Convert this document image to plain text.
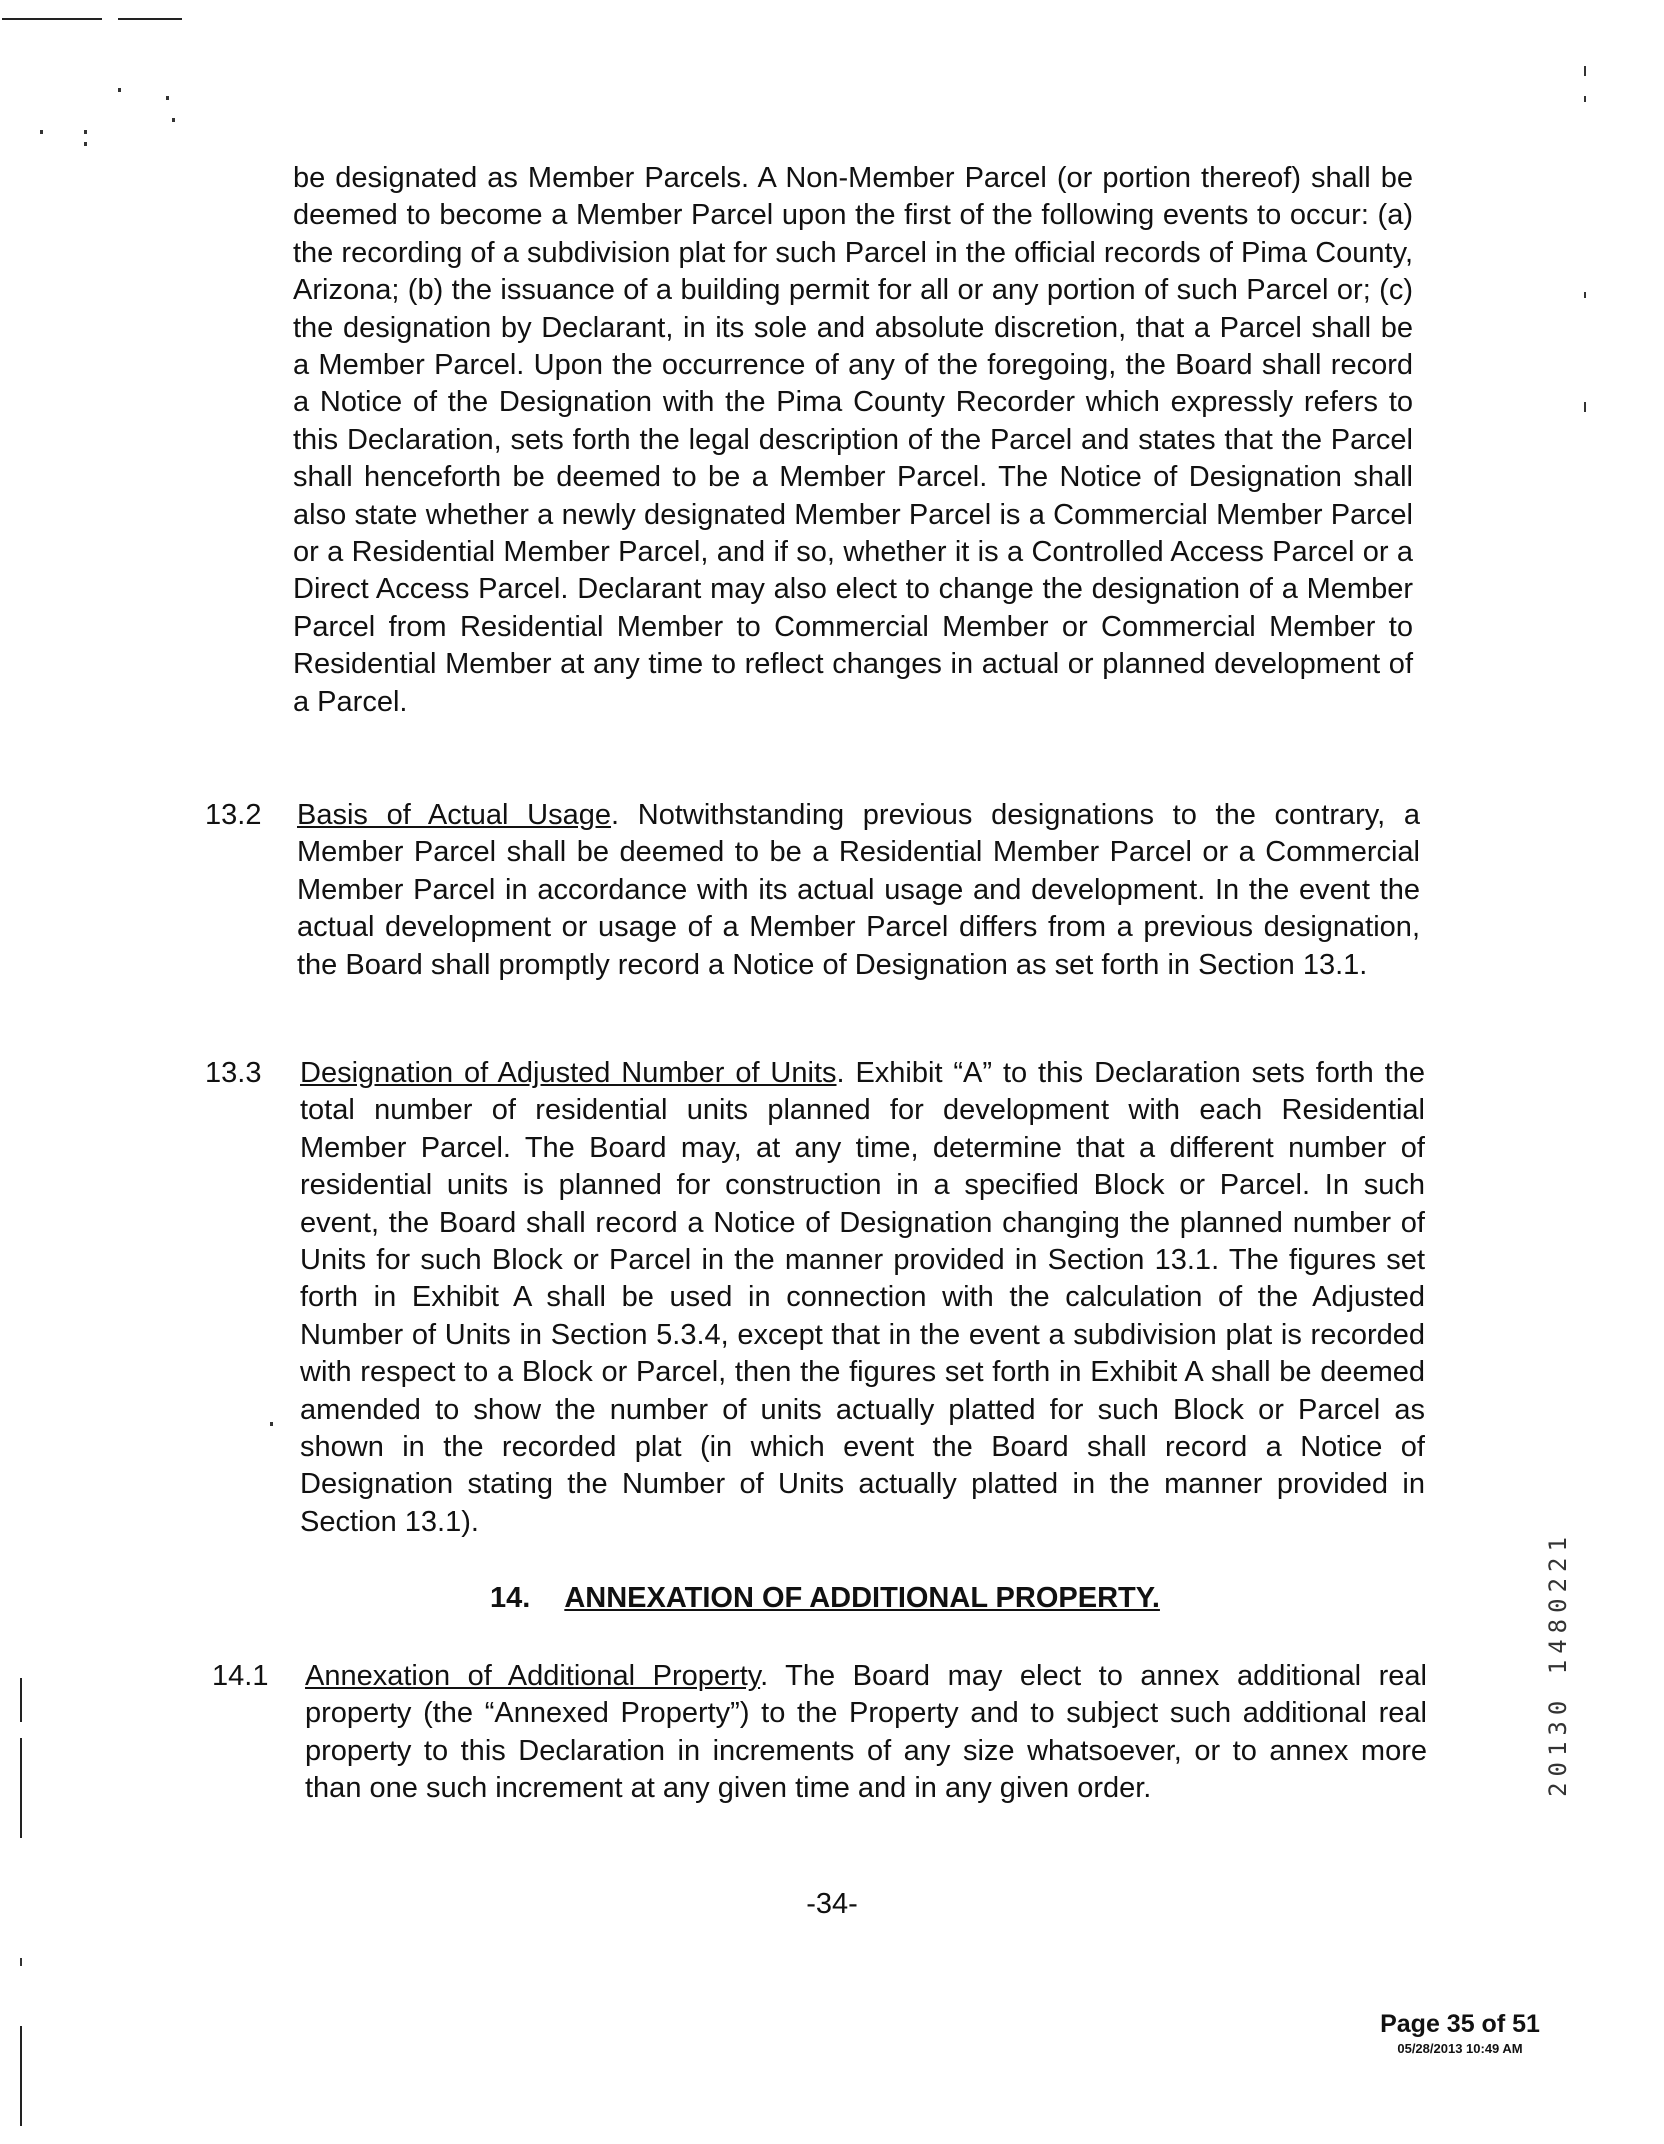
be designated as Member Parcels. A Non-Member Parcel (or portion thereof) shall be deemed to become a Member Parcel upon the first of the following events to occur: (a) the recording of a subdivision plat for such Parcel in the official records of Pima County, Arizona; (b) the issuance of a building permit for all or any portion of such Parcel or; (c) the designation by Declarant, in its sole and absolute discretion, that a Parcel shall be a Member Parcel. Upon the occurrence of any of the foregoing, the Board shall record a Notice of the Designation with the Pima County Recorder which expressly refers to this Declaration, sets forth the legal description of the Parcel and states that the Parcel shall henceforth be deemed to be a Member Parcel. The Notice of Designation shall also state whether a newly designated Member Parcel is a Commercial Member Parcel or a Residential Member Parcel, and if so, whether it is a Controlled Access Parcel or a Direct Access Parcel. Declarant may also elect to change the designation of a Member Parcel from Residential Member to Commercial Member or Commercial Member to Residential Member at any time to reflect changes in actual or planned development of a Parcel.

13.2 Basis of Actual Usage. Notwithstanding previous designations to the contrary, a Member Parcel shall be deemed to be a Residential Member Parcel or a Commercial Member Parcel in accordance with its actual usage and development. In the event the actual development or usage of a Member Parcel differs from a previous designation, the Board shall promptly record a Notice of Designation as set forth in Section 13.1.
13.3 Designation of Adjusted Number of Units. Exhibit “A” to this Declaration sets forth the total number of residential units planned for development with each Residential Member Parcel. The Board may, at any time, determine that a different number of residential units is planned for construction in a specified Block or Parcel. In such event, the Board shall record a Notice of Designation changing the planned number of Units for such Block or Parcel in the manner provided in Section 13.1. The figures set forth in Exhibit A shall be used in connection with the calculation of the Adjusted Number of Units in Section 5.3.4, except that in the event a subdivision plat is recorded with respect to a Block or Parcel, then the figures set forth in Exhibit A shall be deemed amended to show the number of units actually platted for such Block or Parcel as shown in the recorded plat (in which event the Board shall record a Notice of Designation stating the Number of Units actually platted in the manner provided in Section 13.1).
14. ANNEXATION OF ADDITIONAL PROPERTY.
14.1 Annexation of Additional Property. The Board may elect to annex additional real property (the “Annexed Property”) to the Property and to subject such additional real property to this Declaration in increments of any size whatsoever, or to annex more than one such increment at any given time and in any given order.
-34-
20130 1480221
Page 35 of 51
05/28/2013 10:49 AM
